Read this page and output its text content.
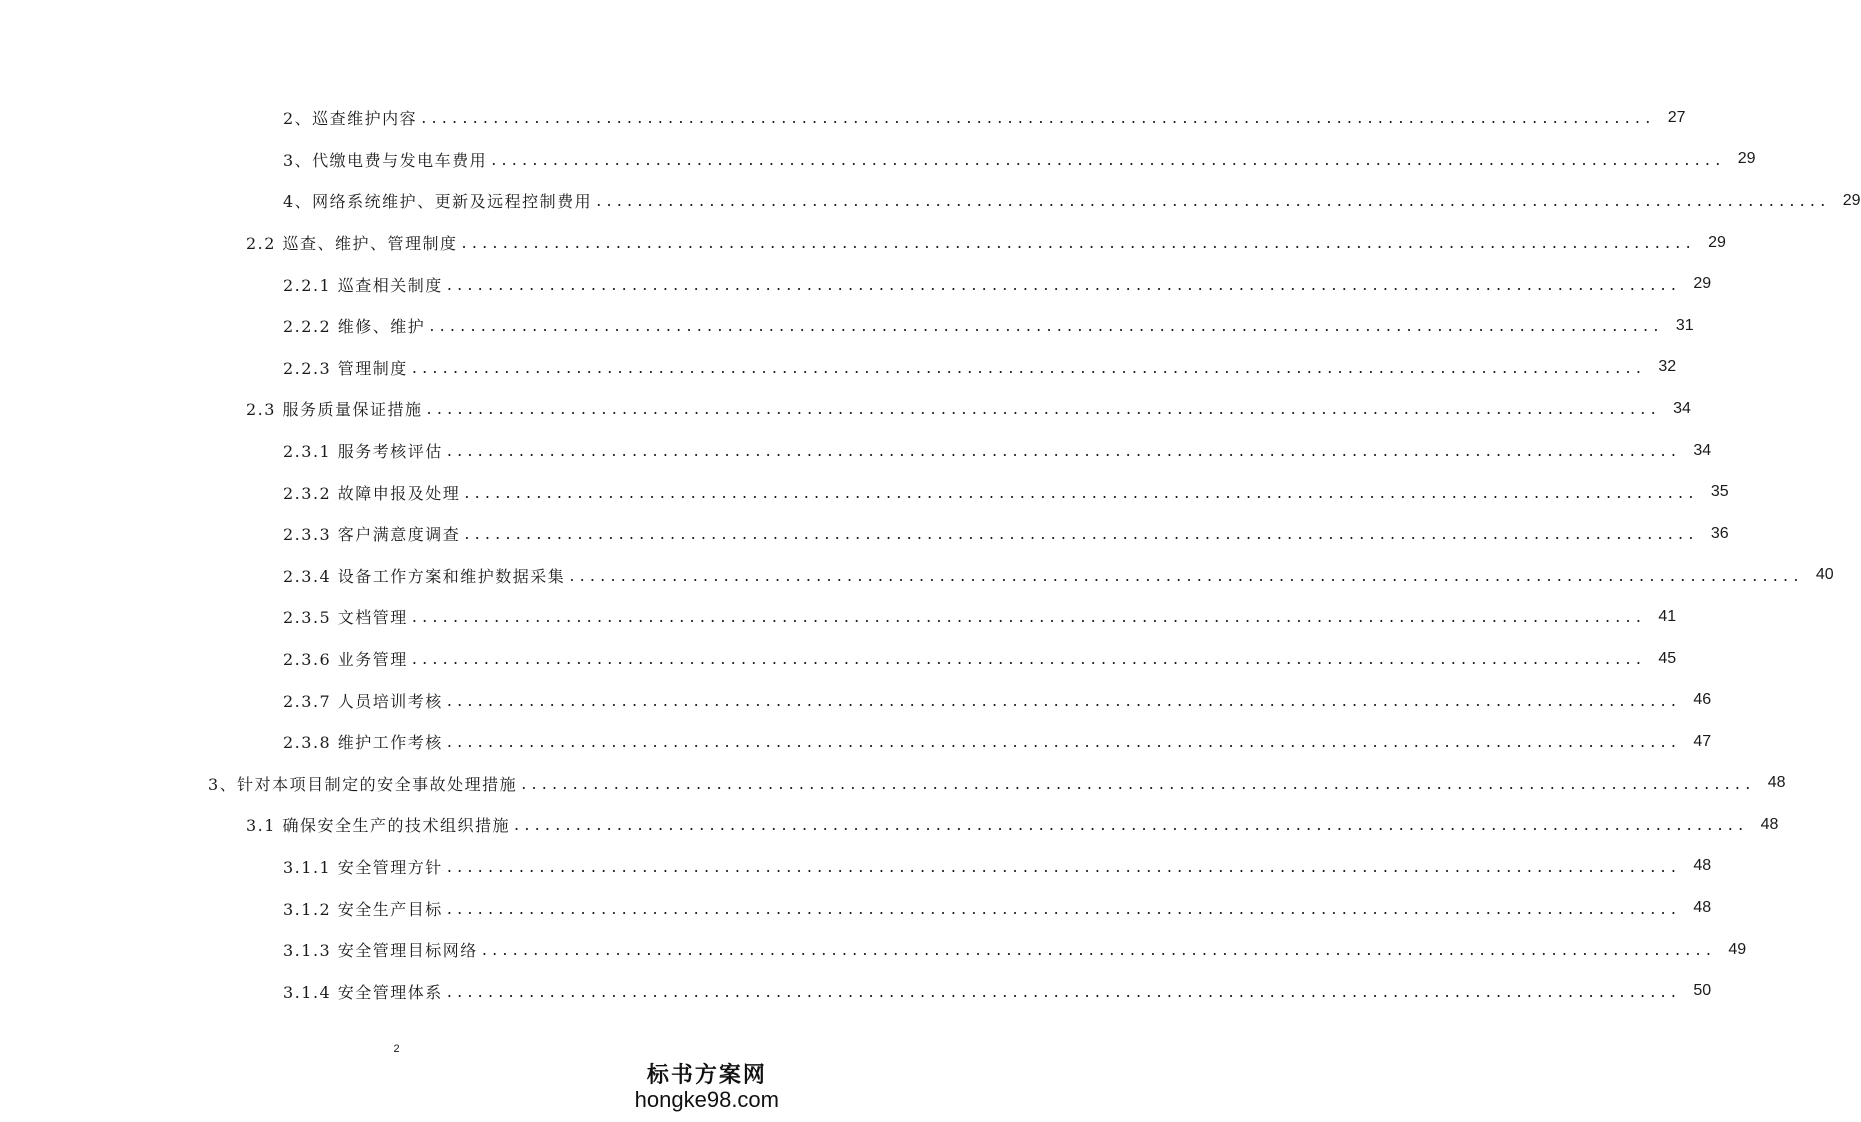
2、巡查维护内容 ........................................................................................................................ 27
3、代缴电费与发电车费用 ........................................................................................................................ 29
4、网络系统维护、更新及远程控制费用 ........................................................................................................................ 29
2.2 巡查、维护、管理制度 ........................................................................................................................ 29
2.2.1 巡查相关制度 ........................................................................................................................ 29
2.2.2 维修、维护 ........................................................................................................................ 31
2.2.3 管理制度 ........................................................................................................................ 32
2.3 服务质量保证措施 ........................................................................................................................ 34
2.3.1 服务考核评估 ........................................................................................................................ 34
2.3.2 故障申报及处理 ........................................................................................................................ 35
2.3.3 客户满意度调查 ........................................................................................................................ 36
2.3.4 设备工作方案和维护数据采集 ........................................................................................................................ 40
2.3.5 文档管理 ........................................................................................................................ 41
2.3.6 业务管理 ........................................................................................................................ 45
2.3.7 人员培训考核 ........................................................................................................................ 46
2.3.8 维护工作考核 ........................................................................................................................ 47
3、针对本项目制定的安全事故处理措施 ........................................................................................................................ 48
3.1 确保安全生产的技术组织措施 ........................................................................................................................ 48
3.1.1 安全管理方针 ........................................................................................................................ 48
3.1.2 安全生产目标 ........................................................................................................................ 48
3.1.3 安全管理目标网络 ........................................................................................................................ 49
3.1.4 安全管理体系 ........................................................................................................................ 50
2
标书方案网
hongke98.com
